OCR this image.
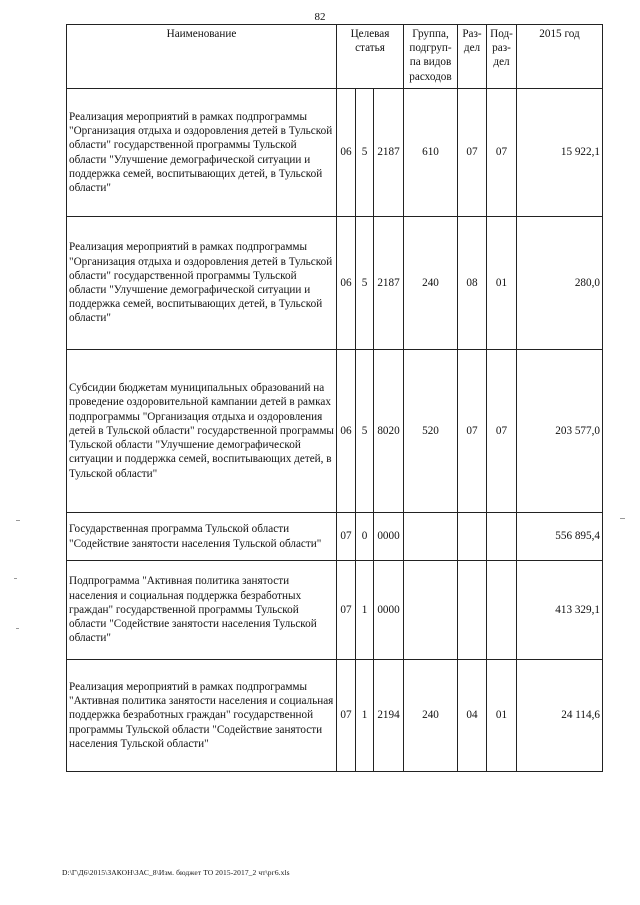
82
Наименование	Целевая статья			Группа, подгруп-па видов расходов	Раз-дел	Под-раз-дел	2015 год
Реализация мероприятий в рамках подпрограммы "Организация отдыха и оздоровления детей в Тульской области" государственной программы Тульской области "Улучшение демографической ситуации и поддержка семей, воспитывающих детей, в Тульской области"	06	5	2187	610	07	07	15 922,1
Реализация мероприятий в рамках подпрограммы "Организация отдыха и оздоровления детей в Тульской области" государственной программы Тульской области "Улучшение демографической ситуации и поддержка семей, воспитывающих детей, в Тульской области"	06	5	2187	240	08	01	280,0
Субсидии бюджетам муниципальных образований на проведение оздоровительной кампании детей в рамках подпрограммы "Организация отдыха и оздоровления детей в Тульской области" государственной программы Тульской области "Улучшение демографической ситуации и поддержка семей, воспитывающих детей, в Тульской области"	06	5	8020	520	07	07	203 577,0
Государственная программа Тульской области "Содействие занятости населения Тульской области"	07	0	0000				556 895,4
Подпрограмма "Активная политика занятости населения и социальная поддержка безработных граждан" государственной программы Тульской области "Содействие занятости населения Тульской области"	07	1	0000				413 329,1
Реализация мероприятий в рамках подпрограммы "Активная политика занятости населения и социальная поддержка безработных граждан" государственной программы Тульской области "Содействие занятости населения Тульской области"	07	1	2194	240	04	01	24 114,6
D:\Г\Д6\2015\ЗАКОН\ЗАС_8\Изм. бюджет ТО 2015-2017_2 чт\рг6.xls
